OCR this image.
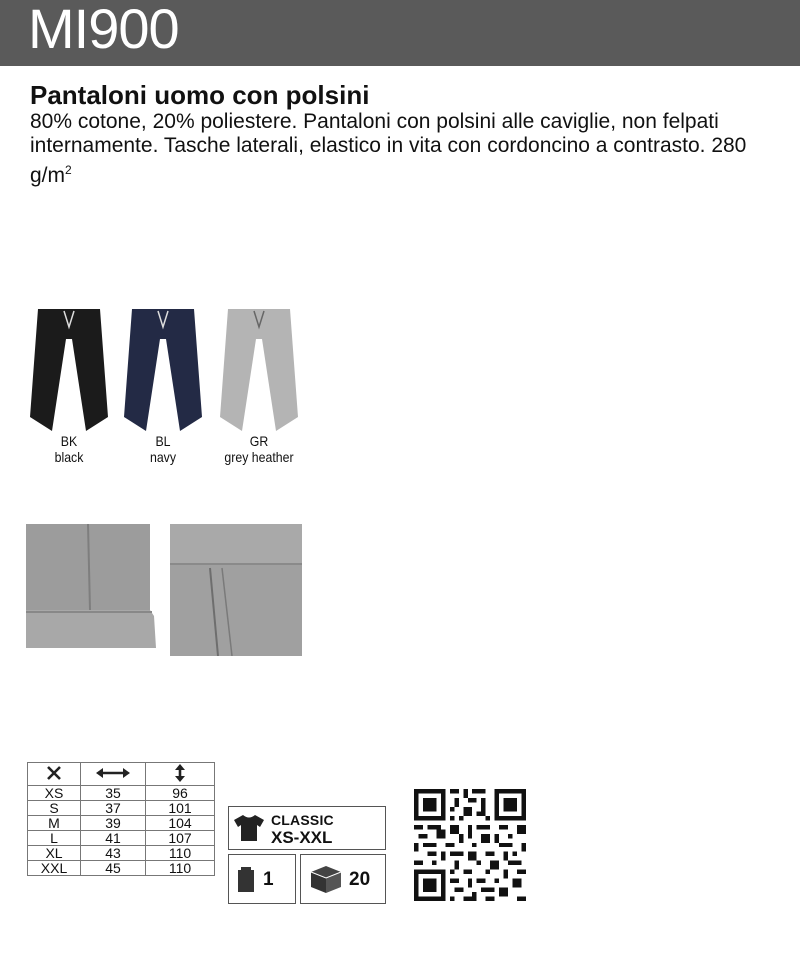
MI900
Pantaloni uomo con polsini
80% cotone, 20% poliestere. Pantaloni con polsini alle caviglie, non felpati internamente. Tasche laterali, elastico in vita con cordoncino a contrasto. 280 $g/m^2$
BK
black
BL
navy
GR
grey heather

XS	35	96
S	37	101
M	39	104
L	41	107
XL	43	110
XXL	45	110
CLASSIC
XS-XXL
1	20
